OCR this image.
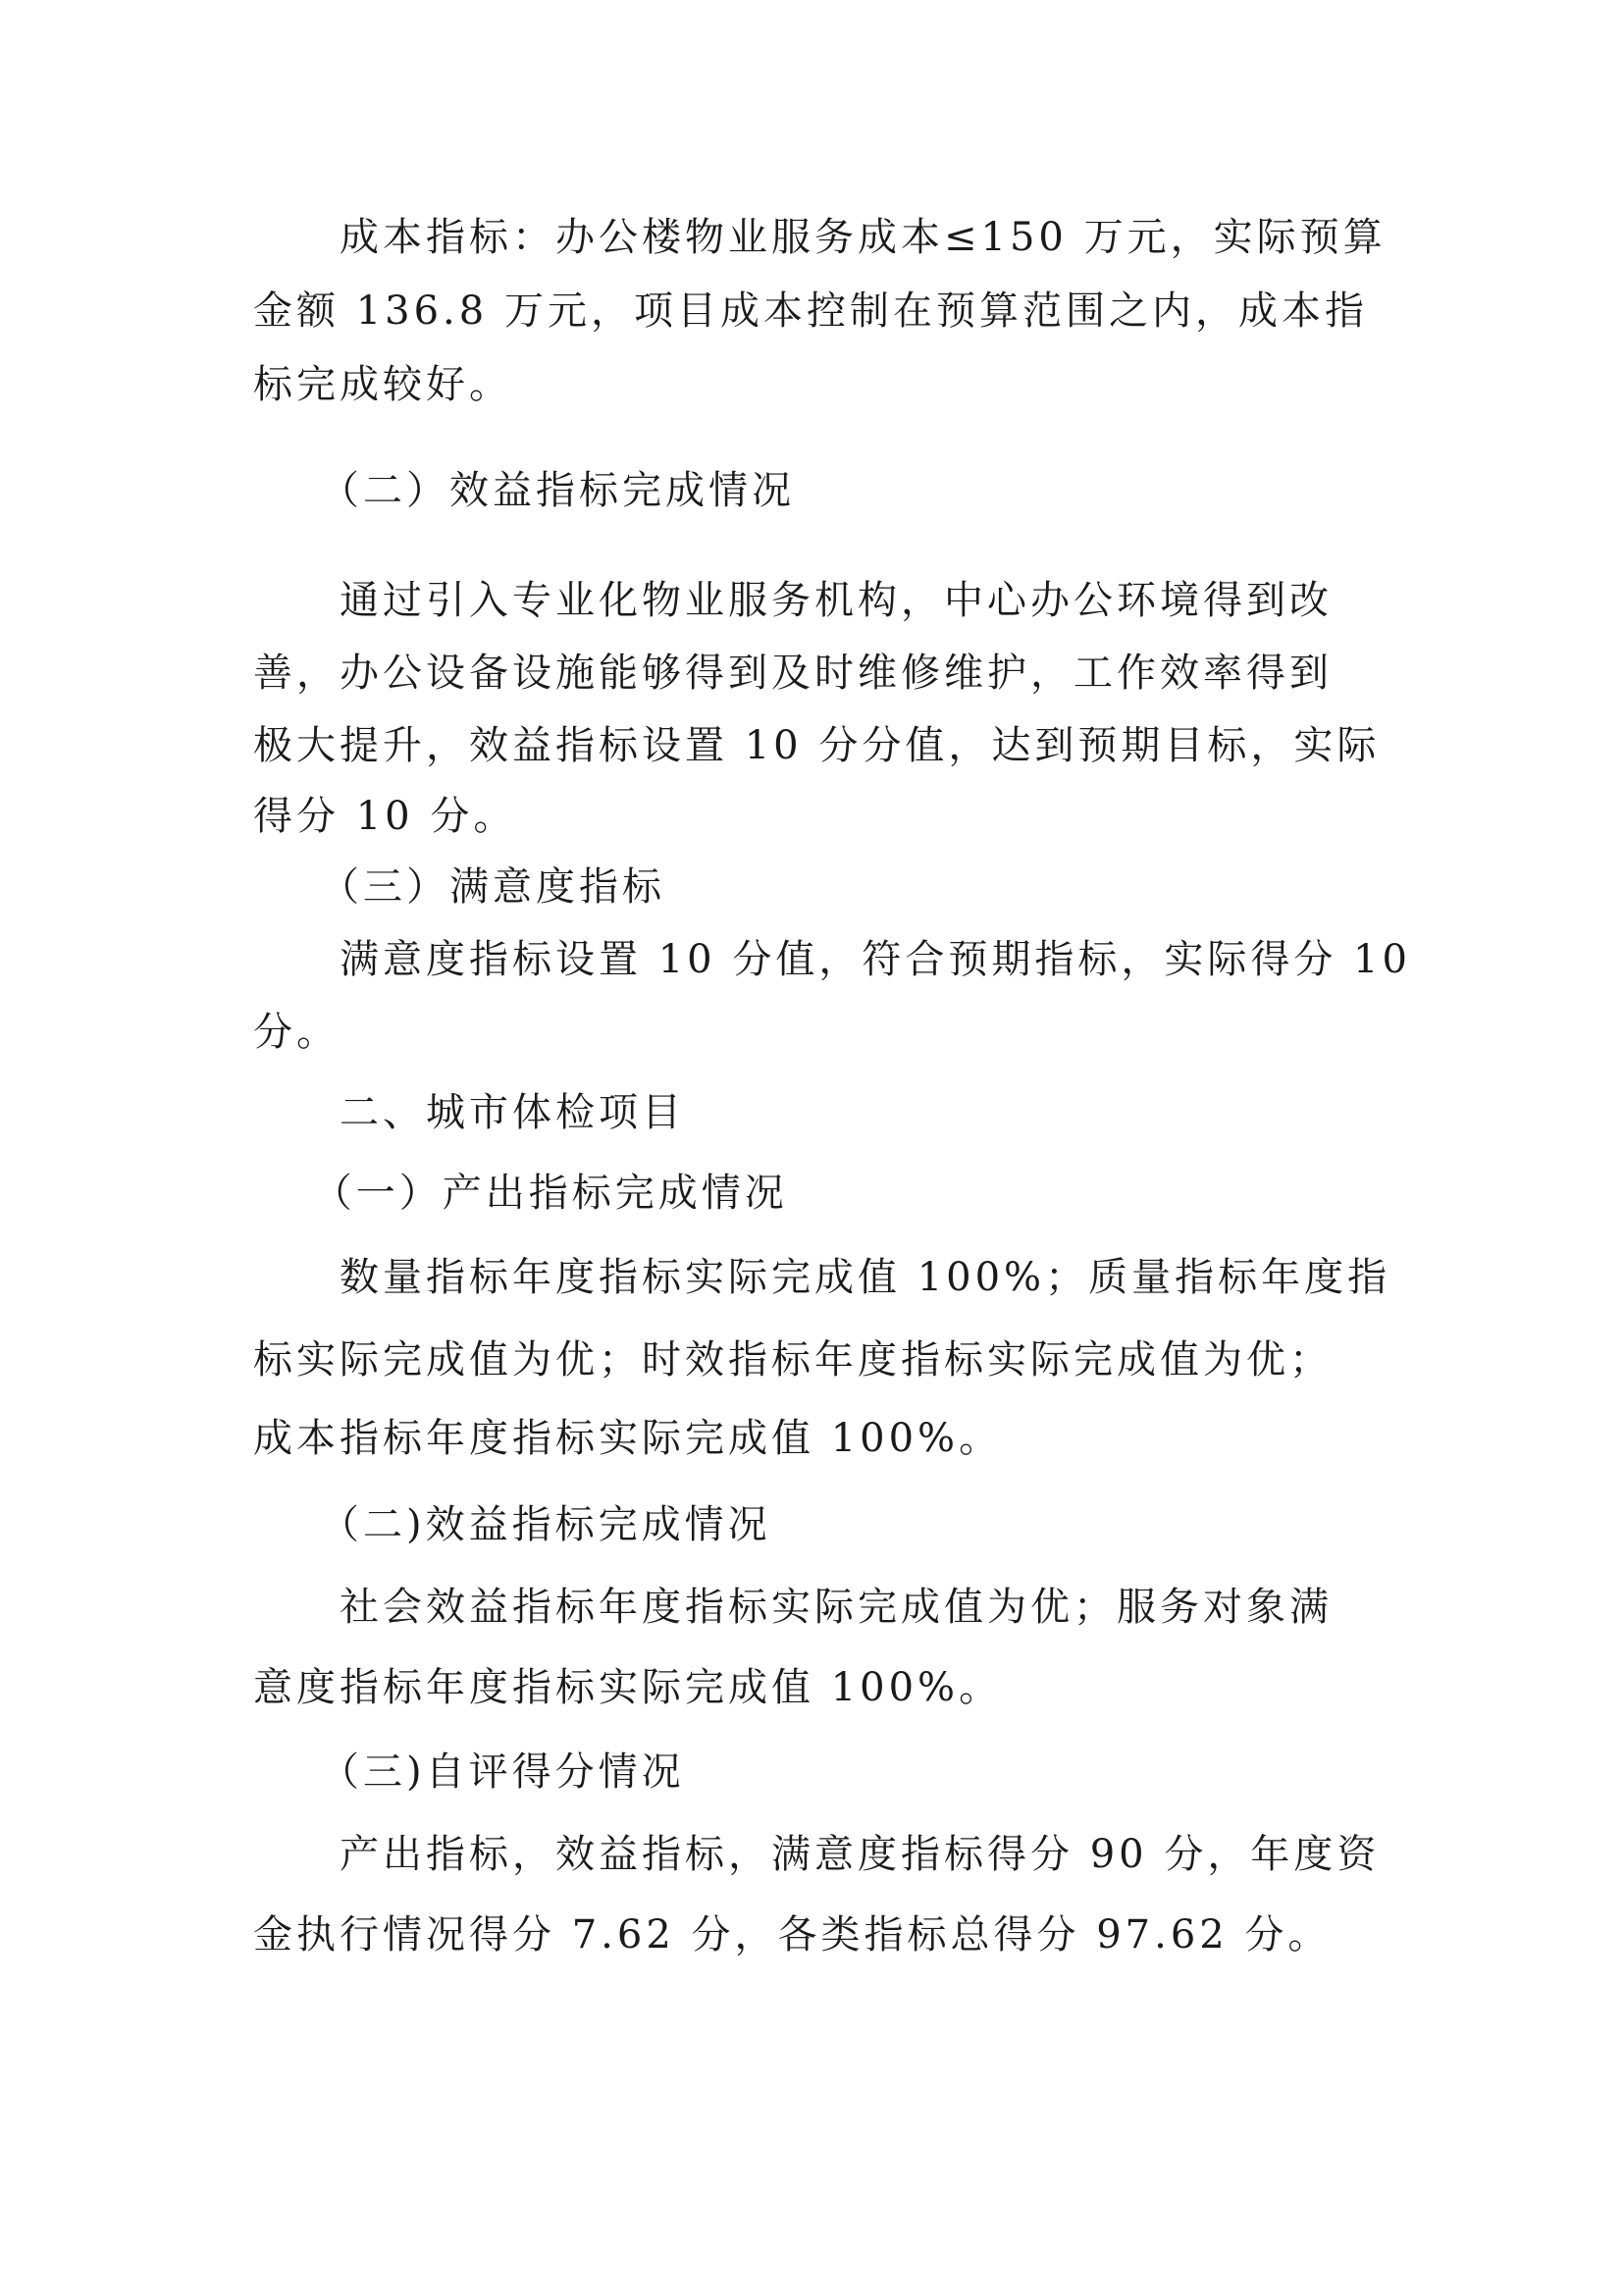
　　成本指标：办公楼物业服务成本≤150 万元，实际预算
金额 136.8 万元，项目成本控制在预算范围之内，成本指
标完成较好。
　　（二）效益指标完成情况
　　通过引入专业化物业服务机构，中心办公环境得到改
善，办公设备设施能够得到及时维修维护，工作效率得到
极大提升，效益指标设置 10 分分值，达到预期目标，实际
得分 10 分。
　　（三）满意度指标
　　满意度指标设置 10 分值，符合预期指标，实际得分 10
分。
　　二、城市体检项目
　 （一）产出指标完成情况
　　数量指标年度指标实际完成值 100%；质量指标年度指
标实际完成值为优；时效指标年度指标实际完成值为优；
成本指标年度指标实际完成值 100%。
　　（二)效益指标完成情况
　　社会效益指标年度指标实际完成值为优；服务对象满
意度指标年度指标实际完成值 100%。
　　（三)自评得分情况
　　产出指标，效益指标，满意度指标得分 90 分，年度资
金执行情况得分 7.62 分，各类指标总得分 97.62 分。
